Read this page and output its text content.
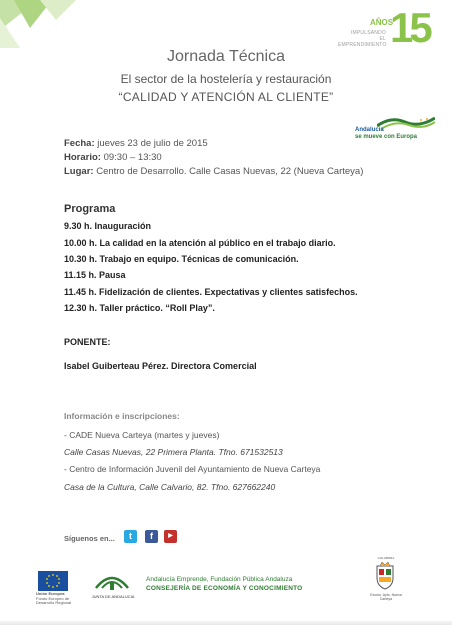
AÑOS
15
IMPULSANDO
EL EMPRENDIMIENTO
Jornada Técnica
El sector de la hostelería y restauración
“CALIDAD Y ATENCIÓN AL CLIENTE”
Andalucía
se mueve con Europa
Fecha: jueves 23 de julio de 2015
Horario: 09:30 – 13:30
Lugar: Centro de Desarrollo. Calle Casas Nuevas, 22 (Nueva Carteya)
Programa
9.30 h. Inauguración
10.00 h. La calidad en la atención al público en el trabajo diario.
10.30 h. Trabajo en equipo. Técnicas de comunicación.
11.15 h. Pausa
11.45 h. Fidelización de clientes. Expectativas y clientes satisfechos.
12.30 h. Taller práctico. “Roll Play”.
PONENTE:
Isabel Guiberteau Pérez. Directora Comercial
Información e inscripciones:
- CADE Nueva Carteya (martes y jueves)
Calle Casas Nuevas, 22 Primera Planta. Tfno. 671532513
- Centro de Información Juvenil del Ayuntamiento de Nueva Carteya
Casa de la Cultura, Calle Calvario, 82. Tfno. 627662240
Síguenos en...	t	f	▶
Unión Europea
Fondo Europeo de Desarrollo Regional
JUNTA DE ANDALUCIA
Andalucía Emprende, Fundación Pública Andaluza
CONSEJERÍA DE ECONOMÍA Y CONOCIMIENTO
COLABORA
Excmo. Ayto. Nueva Carteya
